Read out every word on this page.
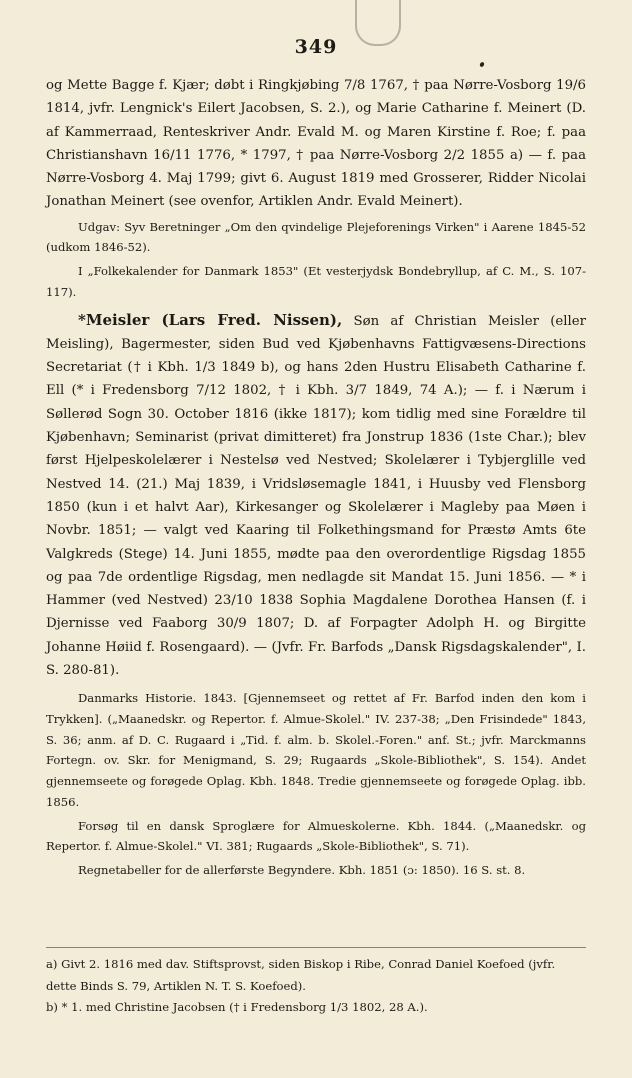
349

og Mette Bagge f. Kjær; døbt i Ringkjøbing 7/8 1767, † paa Nørre-Vosborg 19/6 1814, jvfr. Lengnick's Eilert Jacobsen, S. 2.), og Marie Catharine f. Meinert (D. af Kammerraad, Renteskriver Andr. Evald M. og Maren Kirstine f. Roe; f. paa Christianshavn 16/11 1776, * 1797, † paa Nørre-Vosborg 2/2 1855 a) — f. paa Nørre-Vosborg 4. Maj 1799; givt 6. August 1819 med Grosserer, Ridder Nicolai Jonathan Meinert (see ovenfor, Artiklen Andr. Evald Meinert).

Udgav: Syv Beretninger „Om den qvindelige Plejeforenings Virken" i Aarene 1845-52 (udkom 1846-52).

I „Folkekalender for Danmark 1853" (Et vesterjydsk Bondebryllup, af C. M., S. 107-117).

*Meisler (Lars Fred. Nissen), Søn af Christian Meisler (eller Meisling), Bagermester, siden Bud ved Kjøbenhavns Fattigvæsens-Directions Secretariat († i Kbh. 1/3 1849 b), og hans 2den Hustru Elisabeth Catharine f. Ell (* i Fredensborg 7/12 1802, † i Kbh. 3/7 1849, 74 A.); — f. i Nærum i Søllerød Sogn 30. October 1816 (ikke 1817); kom tidlig med sine Forældre til Kjøbenhavn; Seminarist (privat dimitteret) fra Jonstrup 1836 (1ste Char.); blev først Hjelpeskolelærer i Nestelsø ved Nestved; Skolelærer i Tybjerglille ved Nestved 14. (21.) Maj 1839, i Vridsløsemagle 1841, i Huusby ved Flensborg 1850 (kun i et halvt Aar), Kirkesanger og Skolelærer i Magleby paa Møen i Novbr. 1851; — valgt ved Kaaring til Folkethingsmand for Præstø Amts 6te Valgkreds (Stege) 14. Juni 1855, mødte paa den overordentlige Rigsdag 1855 og paa 7de ordentlige Rigsdag, men nedlagde sit Mandat 15. Juni 1856. — * i Hammer (ved Nestved) 23/10 1838 Sophia Magdalene Dorothea Hansen (f. i Djernisse ved Faaborg 30/9 1807; D. af Forpagter Adolph H. og Birgitte Johanne Høiid f. Rosengaard). — (Jvfr. Fr. Barfods „Dansk Rigsdagskalender", I. S. 280-81).

Danmarks Historie. 1843. [Gjennemseet og rettet af Fr. Barfod inden den kom i Trykken]. („Maanedskr. og Repertor. f. Almue-Skolel." IV. 237-38; „Den Frisindede" 1843, S. 36; anm. af D. C. Rugaard i „Tid. f. alm. b. Skolel.-Foren." anf. St.; jvfr. Marckmanns Fortegn. ov. Skr. for Menigmand, S. 29; Rugaards „Skole-Bibliothek", S. 154). Andet gjennemseete og forøgede Oplag. Kbh. 1848. Tredie gjennemseete og forøgede Oplag. ibb. 1856.

Forsøg til en dansk Sproglære for Almueskolerne. Kbh. 1844. („Maanedskr. og Repertor. f. Almue-Skolel." VI. 381; Rugaards „Skole-Bibliothek", S. 71).

Regnetabeller for de allerførste Begyndere. Kbh. 1851 (ɔ: 1850). 16 S. st. 8.

a) Givt 2. 1816 med dav. Stiftsprovst, siden Biskop i Ribe, Conrad Daniel Koefoed (jvfr. dette Binds S. 79, Artiklen N. T. S. Koefoed).

b) * 1. med Christine Jacobsen († i Fredensborg 1/3 1802, 28 A.).
